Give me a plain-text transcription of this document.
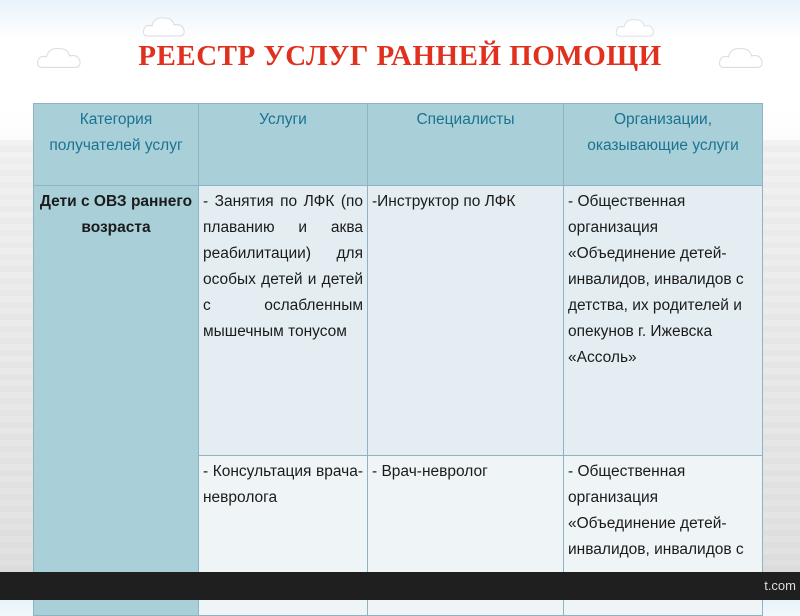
РЕЕСТР УСЛУГ РАННЕЙ ПОМОЩИ
Категория получателей услуг	Услуги	Специалисты	Организации, оказывающие услуги
Дети с ОВЗ раннего возраста	- Занятия по ЛФК (по плаванию и аква реабилитации) для особых детей и детей с ослабленным мышечным тонусом	-Инструктор по ЛФК	- Общественная организация «Объединение детей-инвалидов, инвалидов с детства, их родителей и опекунов г. Ижевска «Ассоль»
	- Консультация врача-невролога	- Врач-невролог	- Общественная организация «Объединение детей-инвалидов, инвалидов с
t.com
